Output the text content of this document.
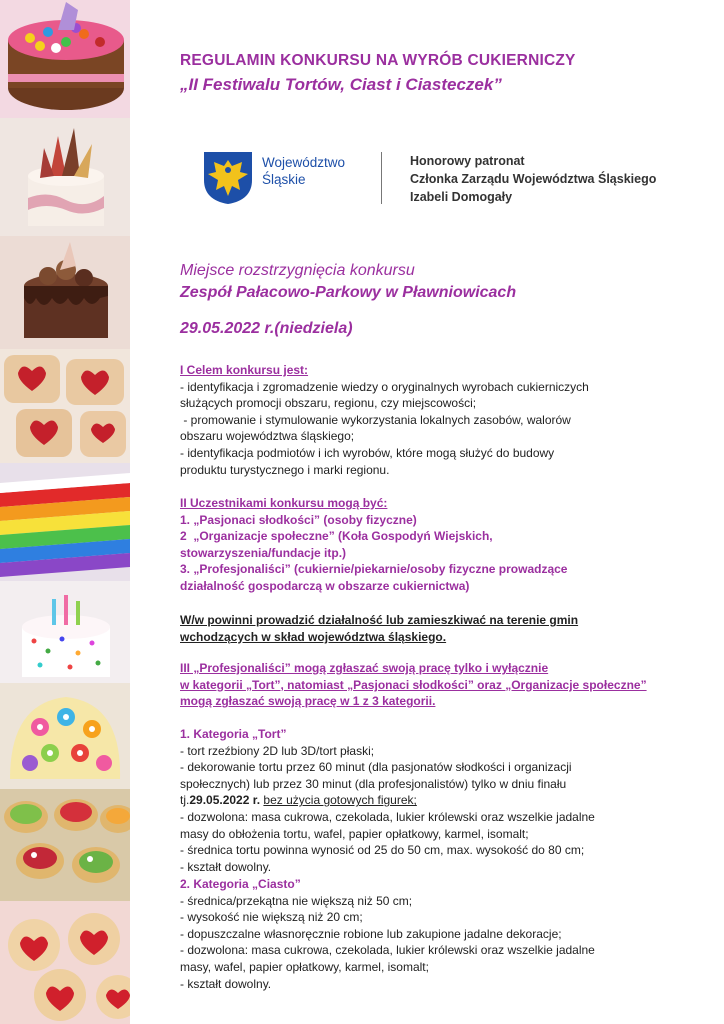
REGULAMIN KONKURSU NA WYRÓB CUKIERNICZY
„II Festiwalu Tortów, Ciast i Ciasteczek”
Województwo
Śląskie
Honorowy patronat
Członka Zarządu Województwa Śląskiego
Izabeli Domogały
Miejsce rozstrzygnięcia konkursu
Zespół Pałacowo-Parkowy w Pławniowicach
29.05.2022 r.(niedziela)
I Celem konkursu jest:
- identyfikacja i zgromadzenie wiedzy o oryginalnych wyrobach cukierniczych
służących promocji obszaru, regionu, czy miejscowości;
- promowanie i stymulowanie wykorzystania lokalnych zasobów, walorów
obszaru województwa śląskiego;
- identyfikacja podmiotów i ich wyrobów, które mogą służyć do budowy
produktu turystycznego i marki regionu.
II Uczestnikami konkursu mogą być:
1. „Pasjonaci słodkości” (osoby fizyczne)
2  „Organizacje społeczne” (Koła Gospodyń Wiejskich,
stowarzyszenia/fundacje itp.)
3. „Profesjonaliści” (cukiernie/piekarnie/osoby fizyczne prowadzące
działalność gospodarczą w obszarze cukiernictwa)
W/w powinni prowadzić działalność lub zamieszkiwać na terenie gmin
wchodzących w skład województwa śląskiego.
III „Profesjonaliści” mogą zgłaszać swoją pracę tylko i wyłącznie
w kategorii „Tort”, natomiast „Pasjonaci słodkości” oraz „Organizacje społeczne”
mogą zgłaszać swoją pracę w 1 z 3 kategorii.
1. Kategoria „Tort”
- tort rzeźbiony 2D lub 3D/tort płaski;
- dekorowanie tortu przez 60 minut (dla pasjonatów słodkości i organizacji
społecznych) lub przez 30 minut (dla profesjonalistów) tylko w dniu finału
tj.29.05.2022 r. bez użycia gotowych figurek;
- dozwolona: masa cukrowa, czekolada, lukier królewski oraz wszelkie jadalne
masy do obłożenia tortu, wafel, papier opłatkowy, karmel, isomalt;
- średnica tortu powinna wynosić od 25 do 50 cm, max. wysokość do 80 cm;
- kształt dowolny.
2. Kategoria „Ciasto”
- średnica/przekątna nie większą niż 50 cm;
- wysokość nie większą niż 20 cm;
- dopuszczalne własnoręcznie robione lub zakupione jadalne dekoracje;
- dozwolona: masa cukrowa, czekolada, lukier królewski oraz wszelkie jadalne
masy, wafel, papier opłatkowy, karmel, isomalt;
- kształt dowolny.
